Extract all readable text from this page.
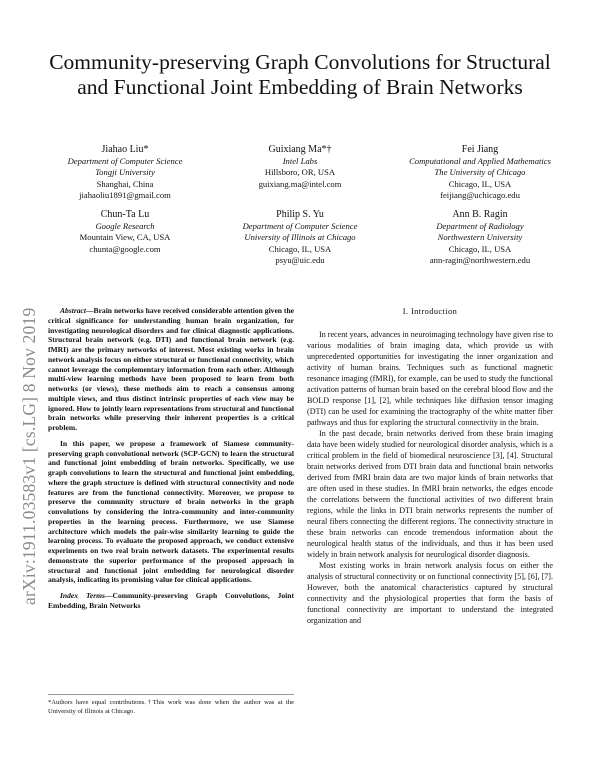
Community-preserving Graph Convolutions for Structural and Functional Joint Embedding of Brain Networks
Jiahao Liu*
Department of Computer Science
Tongji University
Shanghai, China
jiahaoliu1891@gmail.com
Guixiang Ma*†
Intel Labs
Hillsboro, OR, USA
guixiang.ma@intel.com
Fei Jiang
Computational and Applied Mathematics
The University of Chicago
Chicago, IL, USA
feijiang@uchicago.edu
Chun-Ta Lu
Google Research
Mountain View, CA, USA
chunta@google.com
Philip S. Yu
Department of Computer Science
University of Illinois at Chicago
Chicago, IL, USA
psyu@uic.edu
Ann B. Ragin
Department of Radiology
Northwestern University
Chicago, IL, USA
ann-ragin@northwestern.edu
arXiv:1911.03583v1 [cs.LG] 8 Nov 2019	Abstract—Brain networks have received considerable attention given the critical significance for understanding human brain organization, for investigating neurological disorders and for clinical diagnostic applications. Structural brain network (e.g. DTI) and functional brain network (e.g. fMRI) are the primary networks of interest. Most existing works in brain network analysis focus on either structural or functional connectivity, which cannot leverage the complementary information from each other. Although multi-view learning methods have been proposed to learn from both networks (or views), these methods aim to reach a consensus among multiple views, and thus distinct intrinsic properties of each view may be ignored. How to jointly learn representations from structural and functional brain networks while preserving their inherent properties is a critical problem.

In this paper, we propose a framework of Siamese community-preserving graph convolutional network (SCP-GCN) to learn the structural and functional joint embedding of brain networks. Specifically, we use graph convolutions to learn the structural and functional joint embedding, where the graph structure is defined with structural connectivity and node features are from the functional connectivity. Moreover, we propose to preserve the community structure of brain networks in the graph convolutions by considering the intra-community and inter-community properties in the learning process. Furthermore, we use Siamese architecture which models the pair-wise similarity learning to guide the learning process. To evaluate the proposed approach, we conduct extensive experiments on two real brain network datasets. The experimental results demonstrate the superior performance of the proposed approach in structural and functional joint embedding for neurological disorder analysis, indicating its promising value for clinical applications.

Index Terms—Community-preserving Graph Convolutions, Joint Embedding, Brain Networks

*Authors have equal contributions.†This work was done when the author was at the University of Illinois at Chicago.
I. Introduction

In recent years, advances in neuroimaging technology have given rise to various modalities of brain imaging data, which provide us with unprecedented opportunities for investigating the inner organization and activity of human brains. Techniques such as functional magnetic resonance imaging (fMRI), for example, can be used to study the functional activation patterns of human brain based on the cerebral blood flow and the BOLD response [1], [2], while techniques like diffusion tensor imaging (DTI) can be used for examining the tractography of the white matter fiber pathways and thus for exploring the structural connectivity in the brain.

In the past decade, brain networks derived from these brain imaging data have been widely studied for neurological disorder analysis, which is a critical problem in the field of biomedical neuroscience [3], [4]. Structural brain networks derived from DTI brain data and functional brain networks derived from fMRI brain data are two major kinds of brain networks that are often used in these studies. In fMRI brain networks, the edges encode the correlations between the functional activities of two different brain regions, while the links in DTI brain networks represents the number of neural fibers connecting the different regions. The connectivity structure in these brain networks can encode tremendous information about the neurological health status of the individuals, and thus it has been used widely in brain network analysis for neurological disorder diagnosis.

Most existing works in brain network analysis focus on either the analysis of structural connectivity or on functional connectivity [5], [6], [7]. However, both the anatomical characteristics captured by structural connectivity and the physiological properties that form the basis of functional connectivity are important to understand the integrated organization and
